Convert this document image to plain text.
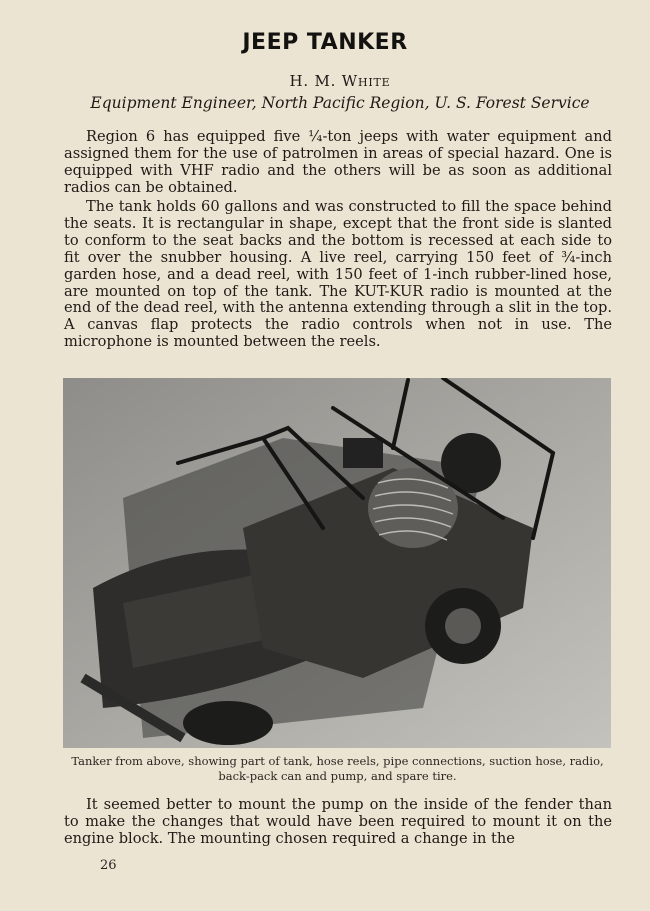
JEEP TANKER
H. M. White
Equipment Engineer, North Pacific Region, U. S. Forest Service

Region 6 has equipped five ¼-ton jeeps with water equipment and assigned them for the use of patrolmen in areas of special hazard. One is equipped with VHF radio and the others will be as soon as additional radios can be obtained.

The tank holds 60 gallons and was constructed to fill the space behind the seats. It is rectangular in shape, except that the front side is slanted to conform to the seat backs and the bottom is recessed at each side to fit over the snubber housing. A live reel, carrying 150 feet of ¾-inch garden hose, and a dead reel, with 150 feet of 1-inch rubber-lined hose, are mounted on top of the tank. The KUT-KUR radio is mounted at the end of the dead reel, with the antenna extending through a slit in the top. A canvas flap protects the radio controls when not in use. The microphone is mounted between the reels.

Tanker from above, showing part of tank, hose reels, pipe connections, suction hose, radio, back-pack can and pump, and spare tire.

It seemed better to mount the pump on the inside of the fender than to make the changes that would have been required to mount it on the engine block. The mounting chosen required a change in the

26
